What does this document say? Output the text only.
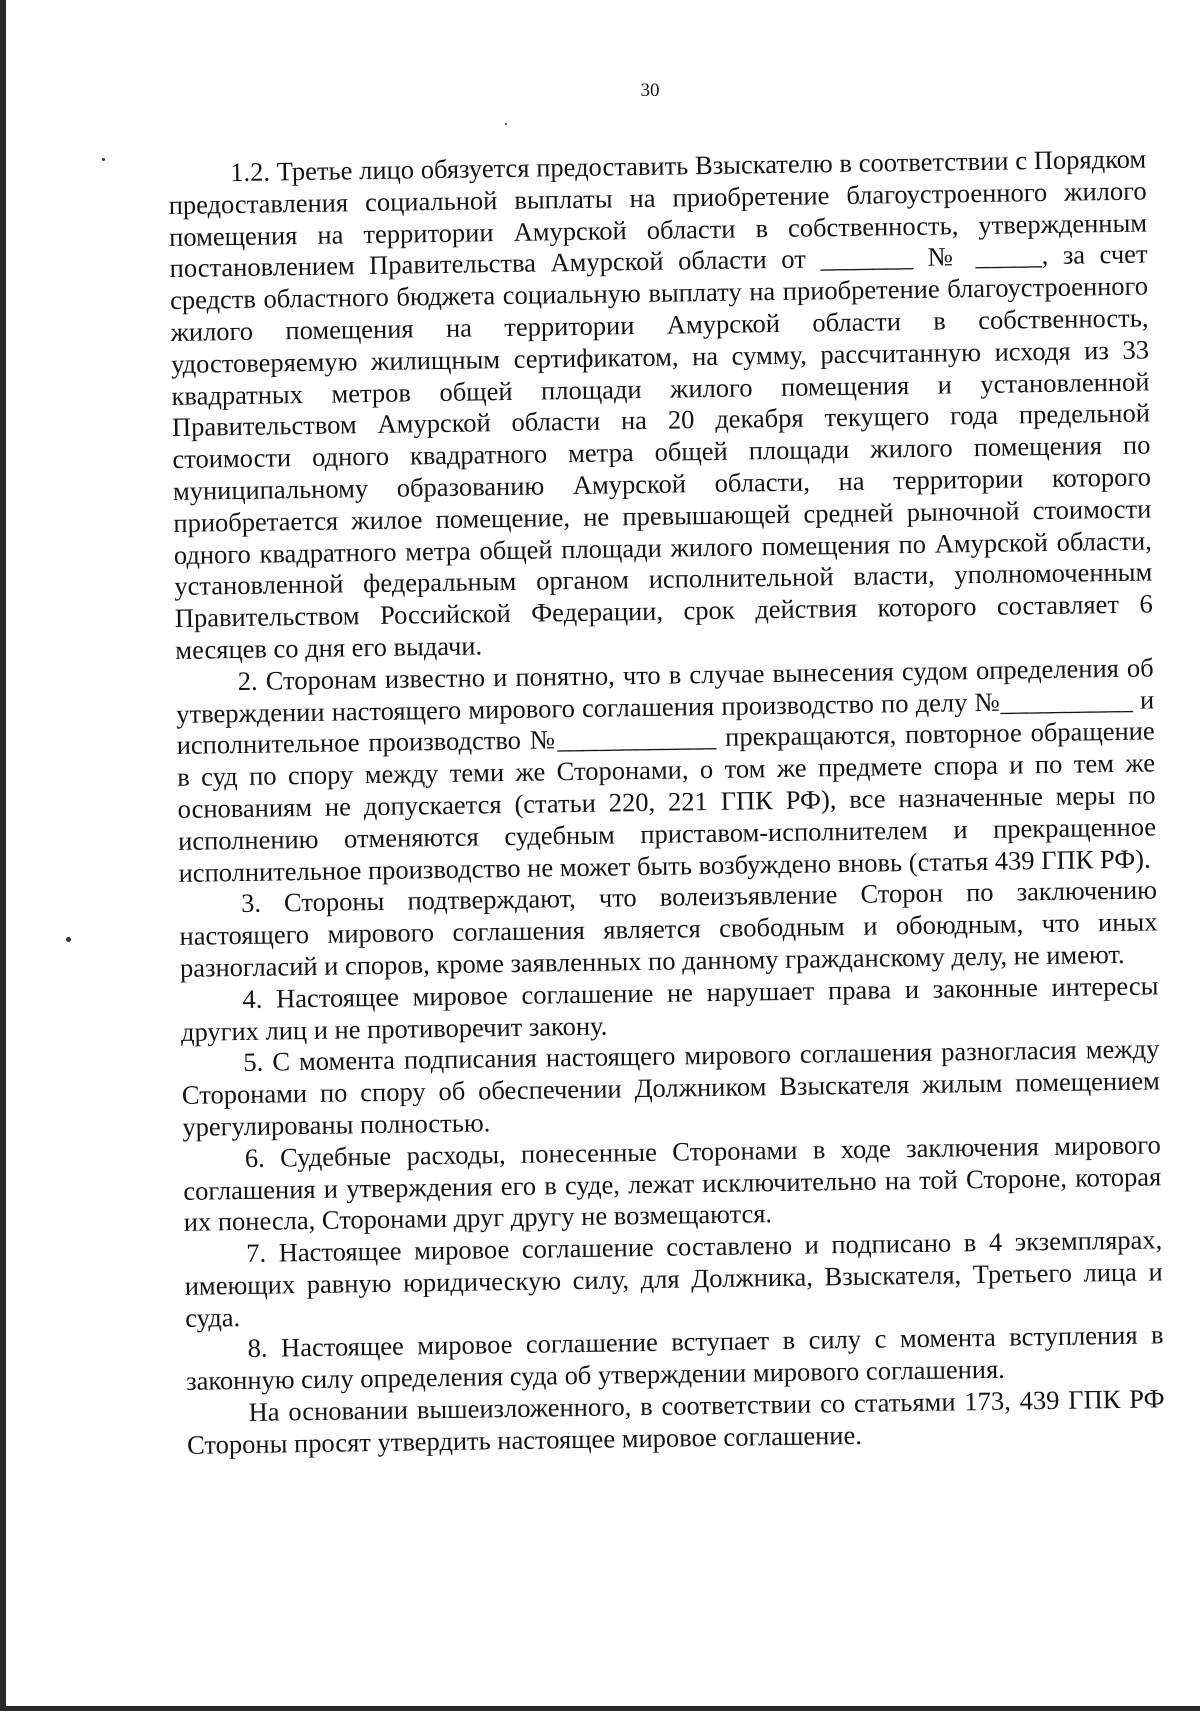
30

1.2. Третье лицо обязуется предоставить Взыскателю в соответствии с Порядком предоставления социальной выплаты на приобретение благоустроенного жилого помещения на территории Амурской области в собственность, утвержденным постановлением Правительства Амурской области от _______ № _____, за счет средств областного бюджета социальную выплату на приобретение благоустроенного жилого помещения на территории Амурской области в собственность, удостоверяемую жилищным сертификатом, на сумму, рассчитанную исходя из 33 квадратных метров общей площади жилого помещения и установленной Правительством Амурской области на 20 декабря текущего года предельной стоимости одного квадратного метра общей площади жилого помещения по муниципальному образованию Амурской области, на территории которого приобретается жилое помещение, не превышающей средней рыночной стоимости одного квадратного метра общей площади жилого помещения по Амурской области, установленной федеральным органом исполнительной власти, уполномоченным Правительством Российской Федерации, срок действия которого составляет 6 месяцев со дня его выдачи.

2. Сторонам известно и понятно, что в случае вынесения судом определения об утверждении настоящего мирового соглашения производство по делу №__________ и исполнительное производство №____________ прекращаются, повторное обращение в суд по спору между теми же Сторонами, о том же предмете спора и по тем же основаниям не допускается (статьи 220, 221 ГПК РФ), все назначенные меры по исполнению отменяются судебным приставом-исполнителем и прекращенное исполнительное производство не может быть возбуждено вновь (статья 439 ГПК РФ).

3. Стороны подтверждают, что волеизъявление Сторон по заключению настоящего мирового соглашения является свободным и обоюдным, что иных разногласий и споров, кроме заявленных по данному гражданскому делу, не имеют.

4. Настоящее мировое соглашение не нарушает права и законные интересы других лиц и не противоречит закону.

5. С момента подписания настоящего мирового соглашения разногласия между Сторонами по спору об обеспечении Должником Взыскателя жилым помещением урегулированы полностью.

6. Судебные расходы, понесенные Сторонами в ходе заключения мирового соглашения и утверждения его в суде, лежат исключительно на той Стороне, которая их понесла, Сторонами друг другу не возмещаются.

7. Настоящее мировое соглашение составлено и подписано в 4 экземплярах, имеющих равную юридическую силу, для Должника, Взыскателя, Третьего лица и суда.

8. Настоящее мировое соглашение вступает в силу с момента вступления в законную силу определения суда об утверждении мирового соглашения.

На основании вышеизложенного, в соответствии со статьями 173, 439 ГПК РФ Стороны просят утвердить настоящее мировое соглашение.
